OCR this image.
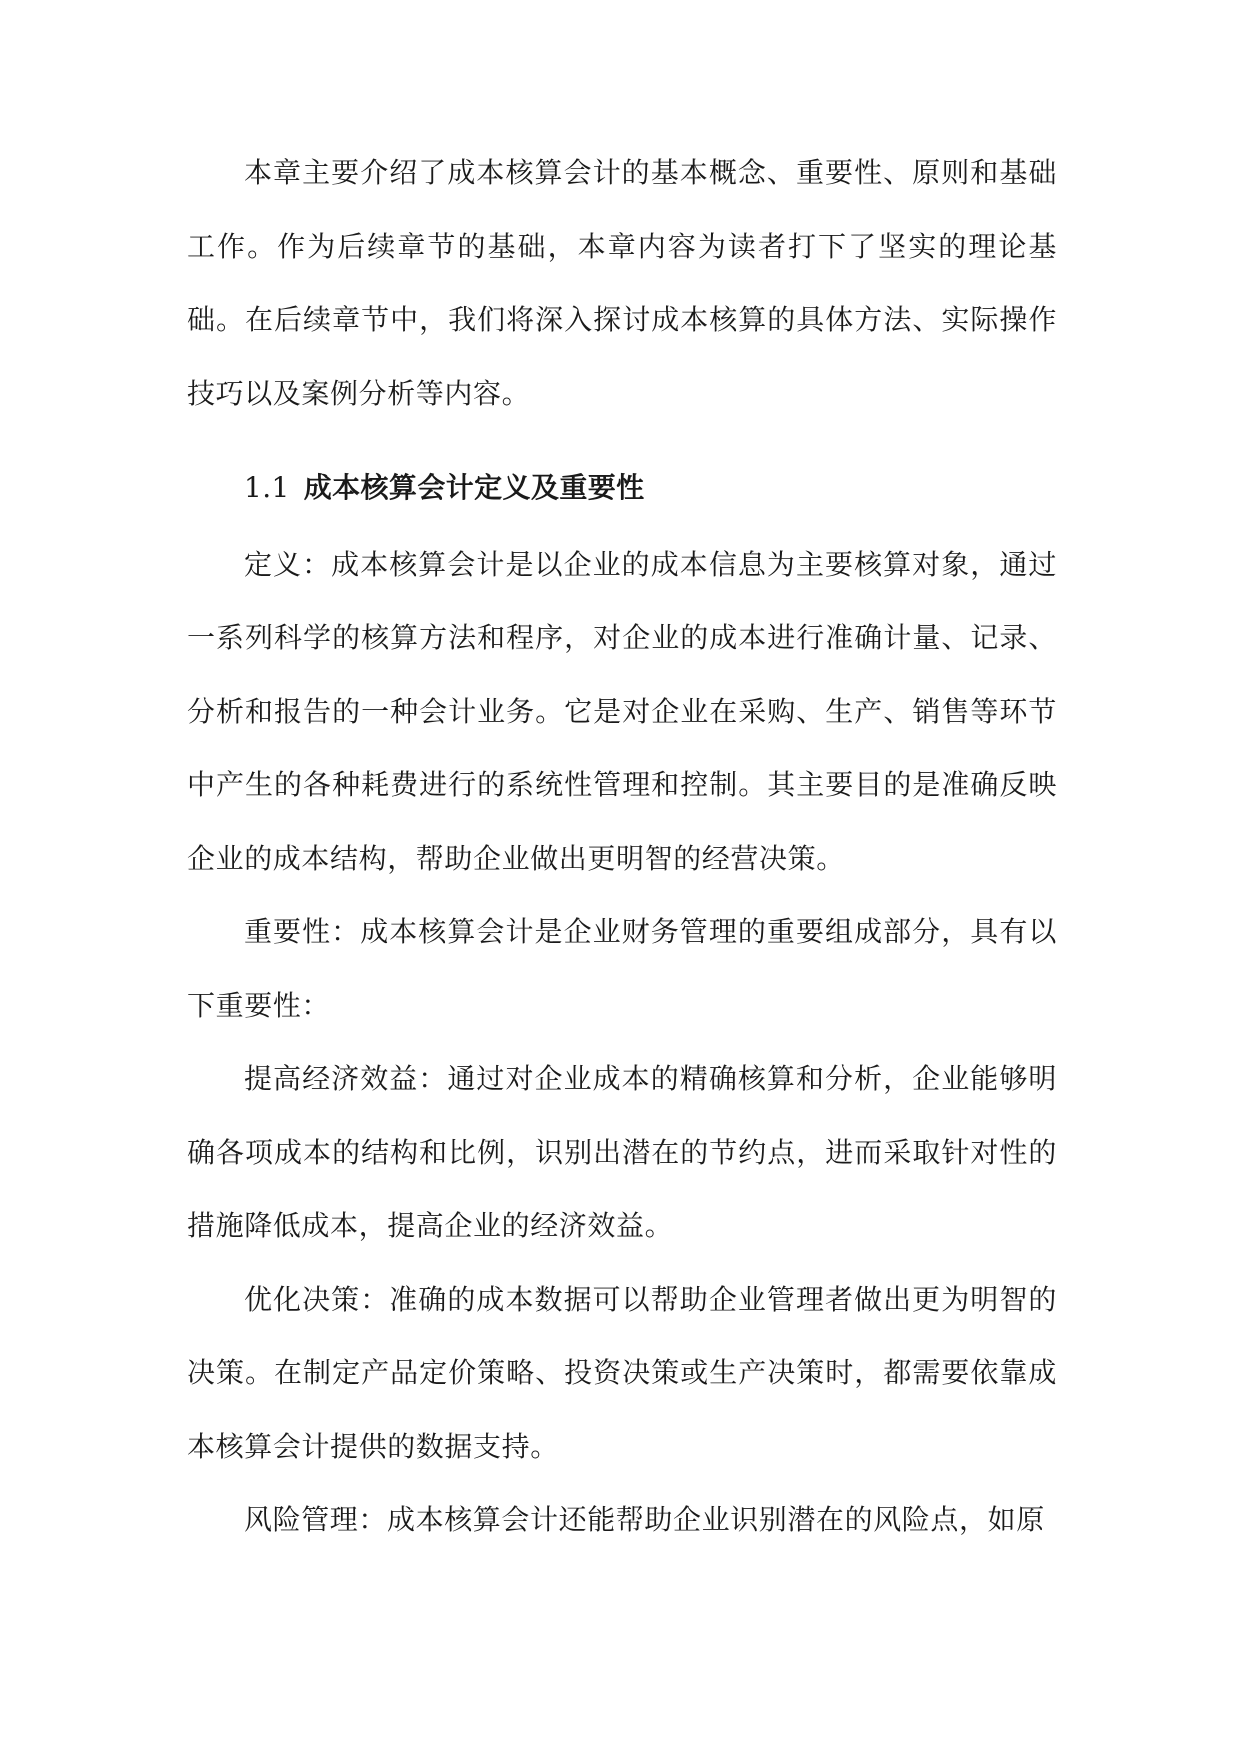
本章主要介绍了成本核算会计的基本概念、重要性、原则和基础工作。作为后续章节的基础，本章内容为读者打下了坚实的理论基础。在后续章节中，我们将深入探讨成本核算的具体方法、实际操作技巧以及案例分析等内容。

1.1 成本核算会计定义及重要性

定义：成本核算会计是以企业的成本信息为主要核算对象，通过一系列科学的核算方法和程序，对企业的成本进行准确计量、记录、分析和报告的一种会计业务。它是对企业在采购、生产、销售等环节中产生的各种耗费进行的系统性管理和控制。其主要目的是准确反映企业的成本结构，帮助企业做出更明智的经营决策。

重要性：成本核算会计是企业财务管理的重要组成部分，具有以下重要性：

提高经济效益：通过对企业成本的精确核算和分析，企业能够明确各项成本的结构和比例，识别出潜在的节约点，进而采取针对性的措施降低成本，提高企业的经济效益。

优化决策：准确的成本数据可以帮助企业管理者做出更为明智的决策。在制定产品定价策略、投资决策或生产决策时，都需要依靠成本核算会计提供的数据支持。

风险管理：成本核算会计还能帮助企业识别潜在的风险点，如原
